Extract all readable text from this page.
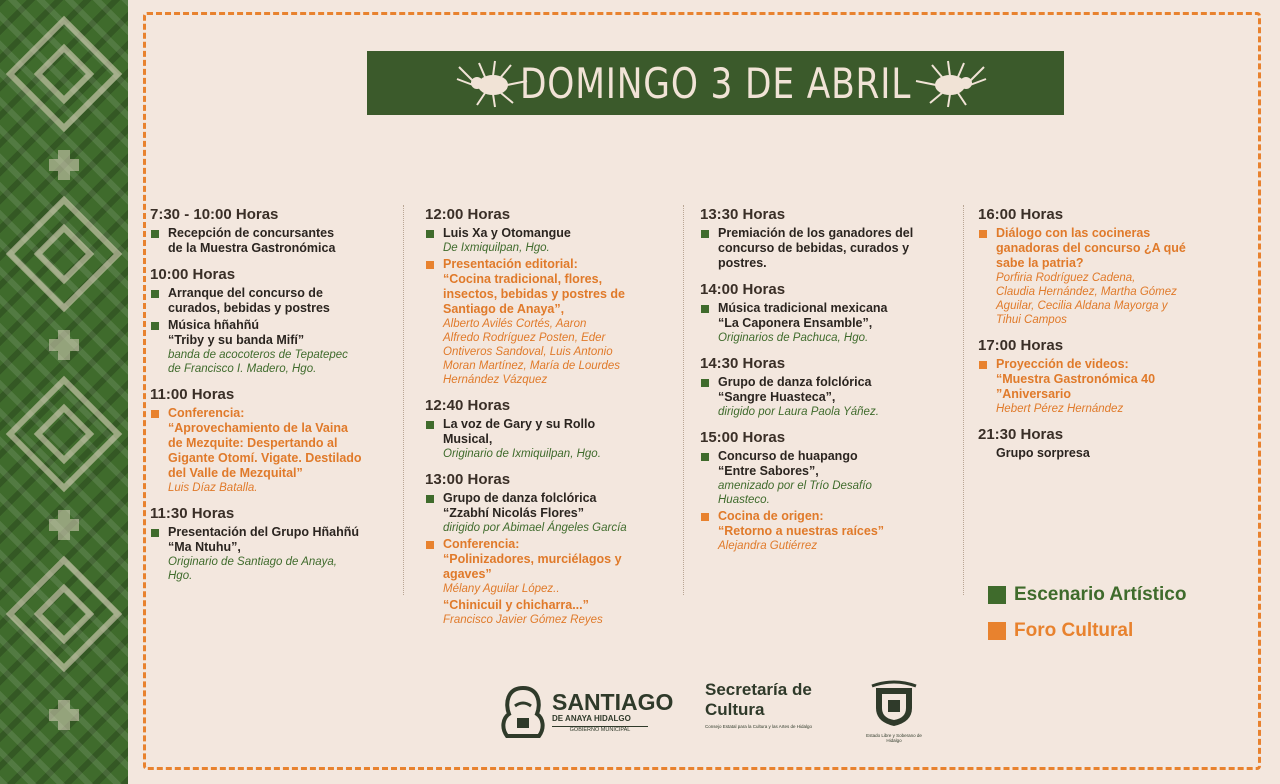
DOMINGO 3 DE ABRIL
7:30 - 10:00 Horas
Recepción de concursantes
de la Muestra Gastronómica
10:00 Horas
Arranque del concurso de
curados, bebidas y postres
Música hñahñú
“Triby y su banda Mifí”
banda de acocoteros de Tepatepec
de Francisco I. Madero, Hgo.
11:00 Horas
Conferencia:
“Aprovechamiento de la Vaina
de Mezquite: Despertando al
Gigante Otomí. Vigate. Destilado
del Valle de Mezquital”
Luis Díaz Batalla.
11:30 Horas
Presentación del Grupo Hñahñú
“Ma Ntuhu”,
Originario de Santiago de Anaya,
Hgo.
12:00 Horas
Luis Xa y Otomangue
De Ixmiquilpan, Hgo.
Presentación editorial:
“Cocina tradicional, flores,
insectos, bebidas y postres de
Santiago de Anaya”,
Alberto Avilés Cortés, Aaron
Alfredo Rodríguez Posten, Eder
Ontiveros Sandoval, Luis Antonio
Moran Martínez, María de Lourdes
Hernández Vázquez
12:40 Horas
La voz de Gary y su Rollo
Musical,
Originario de Ixmiquilpan, Hgo.
13:00 Horas
Grupo de danza folclórica
“Zzabhí Nicolás Flores”
dirigido por Abimael Ángeles García
Conferencia:
“Polinizadores, murciélagos y
agaves”
Mélany Aguilar López..
“Chinicuil y chicharra...”
Francisco Javier Gómez Reyes
13:30 Horas
Premiación de los ganadores del
concurso de bebidas, curados y
postres.
14:00 Horas
Música tradicional mexicana
“La Caponera Ensamble”,
Originarios de Pachuca, Hgo.
14:30 Horas
Grupo de danza folclórica
“Sangre Huasteca”,
dirigido por Laura Paola Yáñez.
15:00 Horas
Concurso de huapango
“Entre Sabores”,
amenizado por el Trío Desafío
Huasteco.
Cocina de origen:
“Retorno a nuestras raíces”
Alejandra Gutiérrez
16:00 Horas
Diálogo con las cocineras
ganadoras del concurso ¿A qué
sabe la patria?
Porfiria Rodríguez Cadena,
Claudia Hernández, Martha Gómez
Aguilar, Cecilia Aldana Mayorga y
Tihui Campos
17:00 Horas
Proyección de videos:
“Muestra Gastronómica 40
”Aniversario
Hebert Pérez Hernández
21:30 Horas
Grupo sorpresa
Escenario Artístico
Foro Cultural
SANTIAGO
DE ANAYA HIDALGO
GOBIERNO MUNICIPAL
Secretaría de
Cultura
Consejo Estatal para la Cultura y las Artes de Hidalgo
Estado Libre y Soberano de Hidalgo
